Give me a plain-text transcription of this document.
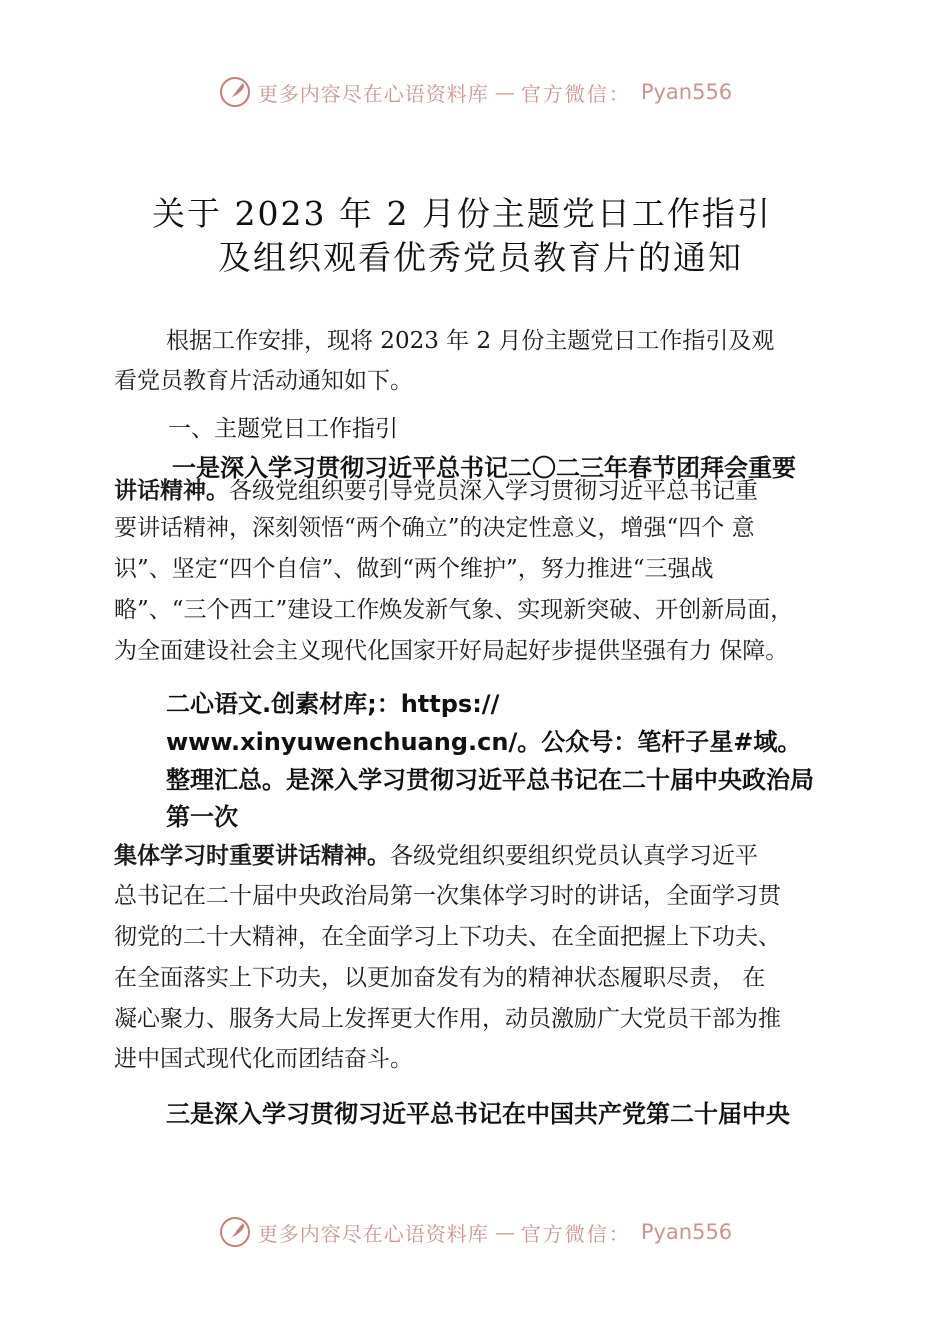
更多内容尽在心语资料库 — 官方微信： Pyan556
关于 2023 年 2 月份主题党日工作指引
及组织观看优秀党员教育片的通知
根据工作安排，现将 2023 年 2 月份主题党日工作指引及观
看党员教育片活动通知如下。
一、主题党日工作指引
一是深入学习贯彻习近平总书记二〇二三年春节团拜会重要
讲话精神。各级党组织要引导党员深入学习贯彻习近平总书记重
要讲话精神，深刻领悟“两个确立”的决定性意义，增强“四个 意
识”、坚定“四个自信”、做到“两个维护”，努力推进“三强战
略”、“三个西工”建设工作焕发新气象、实现新突破、开创新局面，
为全面建设社会主义现代化国家开好局起好步提供坚强有力 保障。
二心语文.创素材库;：https://
www.xinyuwenchuang.cn/。公众号：笔杆子星#域。
整理汇总。是深入学习贯彻习近平总书记在二十届中央政治局
第一次
集体学习时重要讲话精神。各级党组织要组织党员认真学习近平
总书记在二十届中央政治局第一次集体学习时的讲话，全面学习贯
彻党的二十大精神，在全面学习上下功夫、在全面把握上下功夫、
在全面落实上下功夫，以更加奋发有为的精神状态履职尽责， 在
凝心聚力、服务大局上发挥更大作用，动员激励广大党员干部为推
进中国式现代化而团结奋斗。
三是深入学习贯彻习近平总书记在中国共产党第二十届中央
更多内容尽在心语资料库 — 官方微信： Pyan556
